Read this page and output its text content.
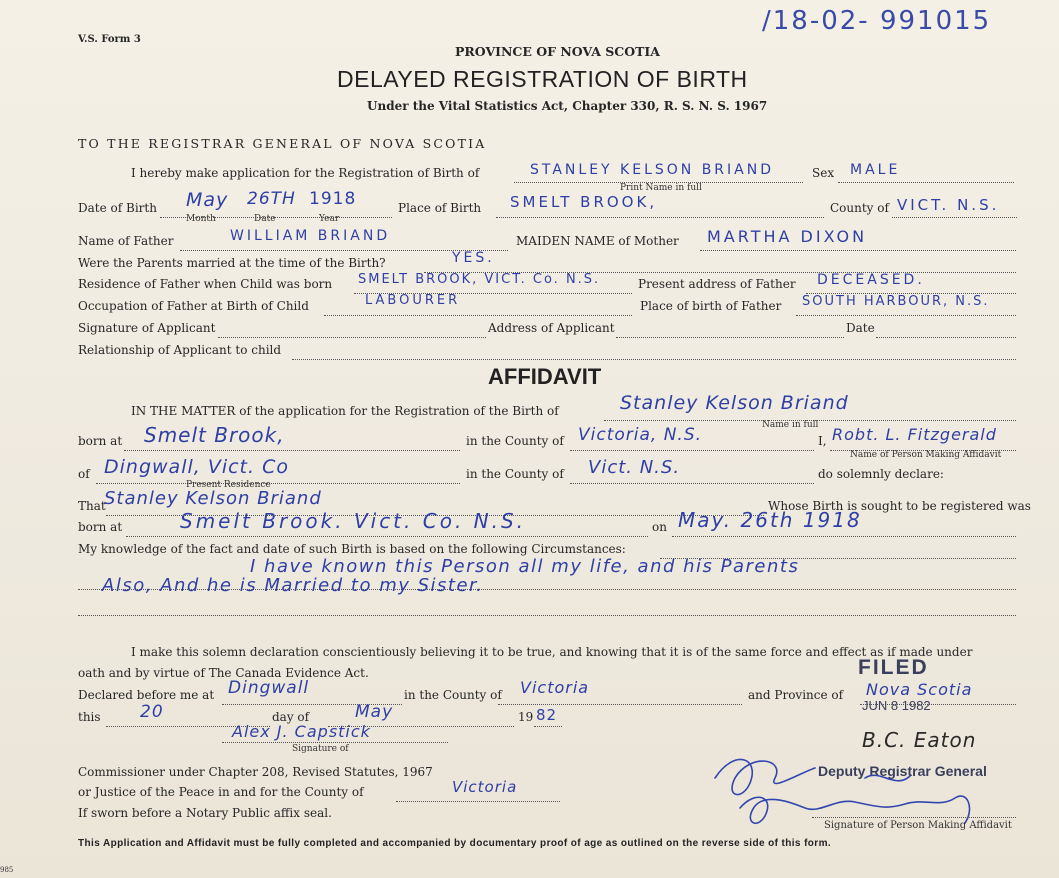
V.S. Form 3
/18-02- 991015
PROVINCE OF NOVA SCOTIA
DELAYED REGISTRATION OF BIRTH
Under the Vital Statistics Act, Chapter 330, R. S. N. S. 1967
TO THE REGISTRAR GENERAL OF NOVA SCOTIA
I hereby make application for the Registration of Birth of	STANLEY KELSON BRIAND
Print Name in full
Sex MALE
Date of Birth May 26TH 1918
Month	Date	Year
Place of Birth SMELT BROOK,	County of VICT. N.S.
Name of Father	WILLIAM BRIAND	MAIDEN NAME of Mother MARTHA DIXON
Were the Parents married at the time of the Birth?	YES.
Residence of Father when Child was born SMELT BROOK, VICT. Co. N.S.	Present address of Father DECEASED.
Occupation of Father at Birth of Child	LABOURER	Place of birth of Father SOUTH HARBOUR, N.S.
Signature of Applicant	Address of Applicant	Date
Relationship of Applicant to child
AFFIDAVIT
IN THE MATTER of the application for the Registration of the Birth of	Stanley Kelson Briand
Name in full
born at Smelt Brook,	in the County of Victoria, N.S.	I, Robt. L. Fitzgerald
Name of Person Making Affidavit
of Dingwall, Vict. Co
Present Residence
in the County of Vict. N.S.	do solemnly declare:
That
Stanley Kelson Briand	Whose Birth is sought to be registered was
born at	Smelt Brook. Vict. Co. N.S.	on May. 26th 1918
My knowledge of the fact and date of such Birth is based on the following Circumstances:
I have known this Person all my life, and his Parents
Also, And he is Married to my Sister.
I make this solemn declaration conscientiously believing it to be true, and knowing that it is of the same force and effect as if made under
oath and by virtue of The Canada Evidence Act.
Declared before me at Dingwall	in the County of Victoria	and Province of Nova Scotia
this 20	day of	May	19 82
Alex J. Capstick
Signature of
Commissioner under Chapter 208, Revised Statutes, 1967
or Justice of the Peace in and for the County of	Victoria
If sworn before a Notary Public affix seal.
FILED
JUN 8 1982
B.C. Eaton
Deputy Registrar General
Signature of Person Making Affidavit
This Application and Affidavit must be fully completed and accompanied by documentary proof of age as outlined on the reverse side of this form.
985
